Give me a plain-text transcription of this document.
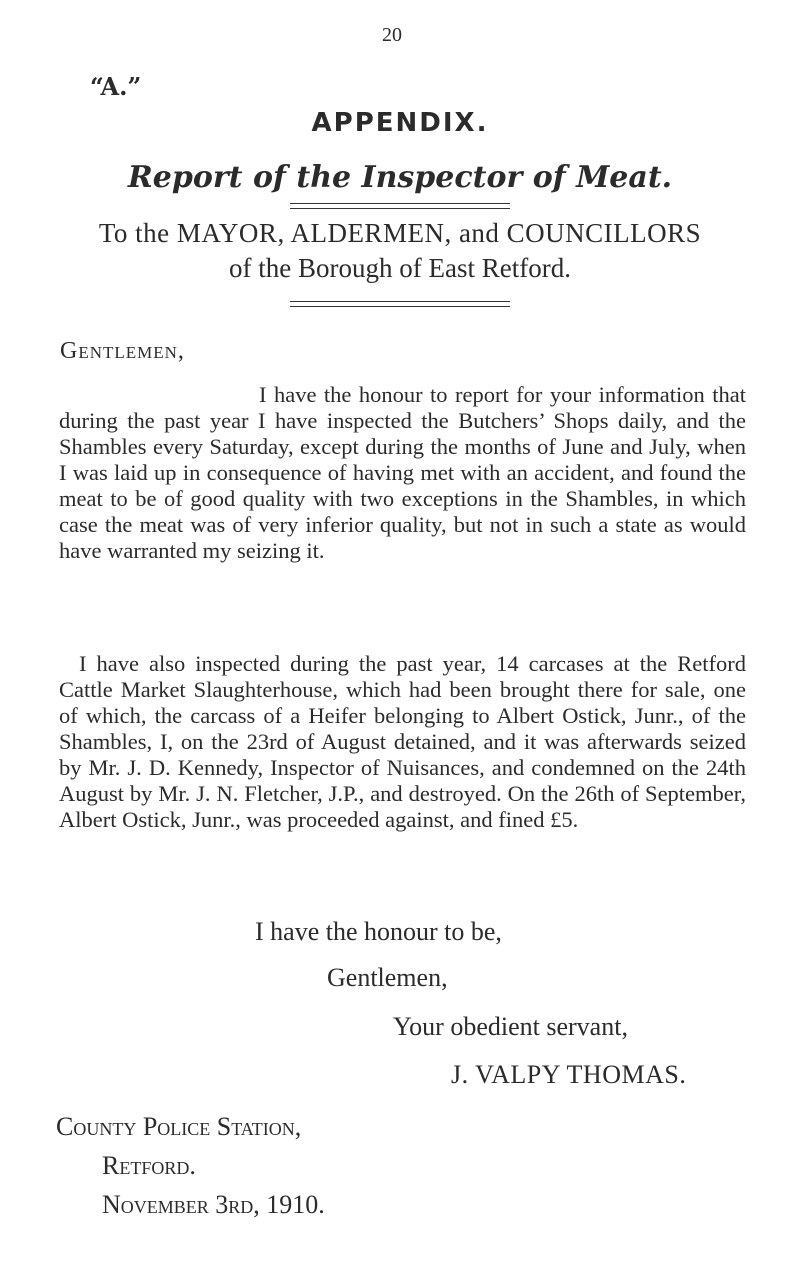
20
“A.”
APPENDIX.
Report of the Inspector of Meat.
To the MAYOR, ALDERMEN, and COUNCILLORS
of the Borough of East Retford.
Gentlemen,

I have the honour to report for your information that during the past year I have inspected the Butchers’ Shops daily, and the Shambles every Saturday, except during the months of June and July, when I was laid up in consequence of having met with an accident, and found the meat to be of good quality with two exceptions in the Shambles, in which case the meat was of very inferior quality, but not in such a state as would have warranted my seizing it.

I have also inspected during the past year, 14 carcases at the Retford Cattle Market Slaughterhouse, which had been brought there for sale, one of which, the carcass of a Heifer belonging to Albert Ostick, Junr., of the Shambles, I, on the 23rd of August detained, and it was afterwards seized by Mr. J. D. Kennedy, Inspector of Nuisances, and condemned on the 24th August by Mr. J. N. Fletcher, J.P., and destroyed. On the 26th of September, Albert Ostick, Junr., was proceeded against, and fined £5.

I have the honour to be,
Gentlemen,
Your obedient servant,
J. VALPY THOMAS.
County Police Station,
Retford.
November 3rd, 1910.
